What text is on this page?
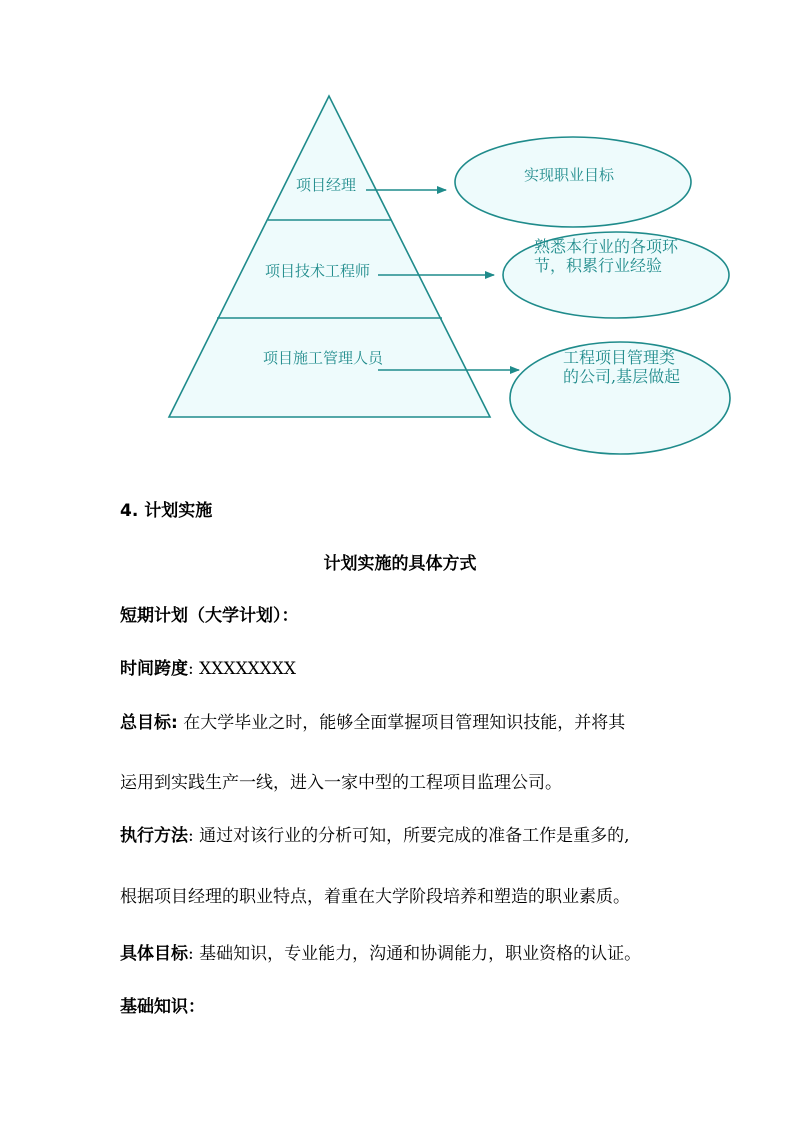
项目经理
项目技术工程师
项目施工管理人员
实现职业目标
熟悉本行业的各项环
节，积累行业经验
工程项目管理类
的公司,基层做起
4. 计划实施
计划实施的具体方式
短期计划（大学计划）：
时间跨度: XXXXXXXX
总目标: 在大学毕业之时，能够全面掌握项目管理知识技能，并将其
运用到实践生产一线，进入一家中型的工程项目监理公司。
执行方法: 通过对该行业的分析可知，所要完成的准备工作是重多的,
根据项目经理的职业特点，着重在大学阶段培养和塑造的职业素质。
具体目标: 基础知识，专业能力，沟通和协调能力，职业资格的认证。
基础知识：
